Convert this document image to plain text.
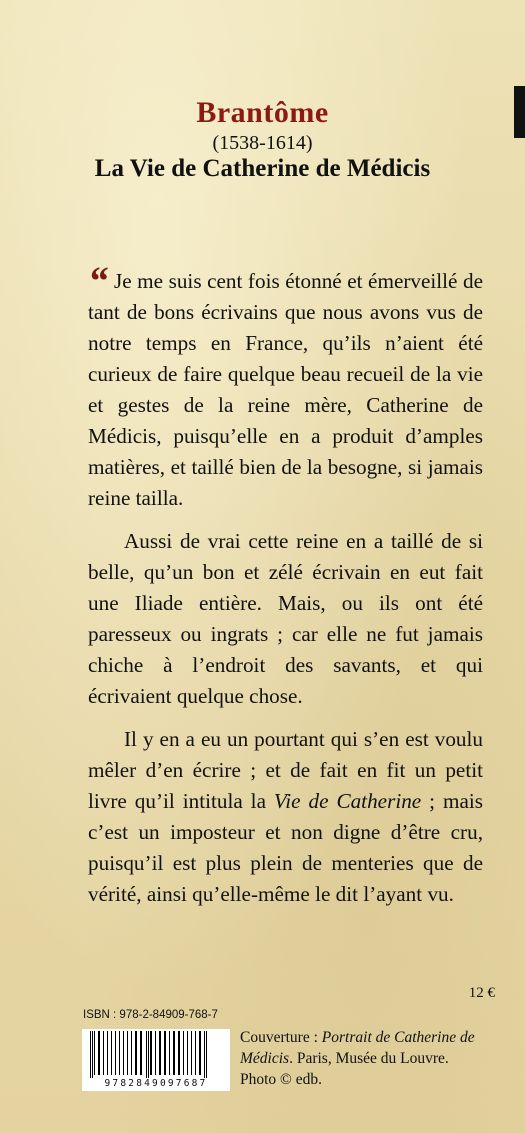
Brantôme
(1538-1614)
La Vie de Catherine de Médicis

“ Je me suis cent fois étonné et émerveillé de tant de bons écrivains que nous avons vus de notre temps en France, qu’ils n’aient été curieux de faire quelque beau recueil de la vie et gestes de la reine mère, Catherine de Médicis, puisqu’elle en a produit d’amples matières, et taillé bien de la besogne, si jamais reine tailla.

Aussi de vrai cette reine en a taillé de si belle, qu’un bon et zélé écrivain en eut fait une Iliade entière. Mais, ou ils ont été paresseux ou ingrats ; car elle ne fut jamais chiche à l’endroit des savants, et qui écrivaient quelque chose.

Il y en a eu un pourtant qui s’en est voulu mêler d’en écrire ; et de fait en fit un petit livre qu’il intitula la Vie de Catherine ; mais c’est un imposteur et non digne d’être cru, puisqu’il est plus plein de menteries que de vérité, ainsi qu’elle-même le dit l’ayant vu.

12 €
ISBN : 978-2-84909-768-7
9782849097687
Couverture : Portrait de Catherine de Médicis. Paris, Musée du Louvre.
Photo © edb.
